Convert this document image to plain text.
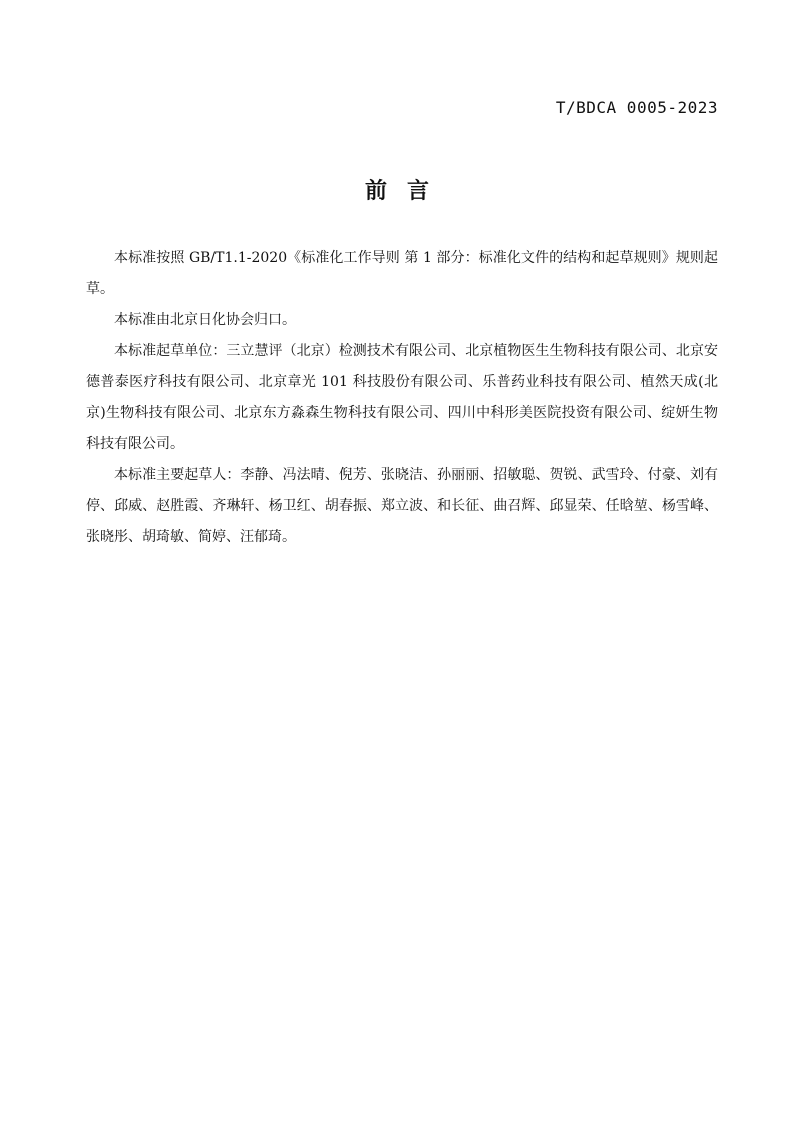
T/BDCA 0005-2023
前言

本标准按照 GB/T1.1-2020《标准化工作导则 第 1 部分：标准化文件的结构和起草规则》规则起草。

本标准由北京日化协会归口。

本标准起草单位：三立慧评（北京）检测技术有限公司、北京植物医生生物科技有限公司、北京安德普泰医疗科技有限公司、北京章光 101 科技股份有限公司、乐普药业科技有限公司、植然天成(北京)生物科技有限公司、北京东方淼森生物科技有限公司、四川中科形美医院投资有限公司、绽妍生物科技有限公司。

本标准主要起草人：李静、冯法晴、倪芳、张晓洁、孙丽丽、招敏聪、贺锐、武雪玲、付豪、刘有停、邱威、赵胜霞、齐琳轩、杨卫红、胡春振、郑立波、和长征、曲召辉、邱显荣、任晗堃、杨雪峰、张晓彤、胡琦敏、简婷、汪郁琦。
